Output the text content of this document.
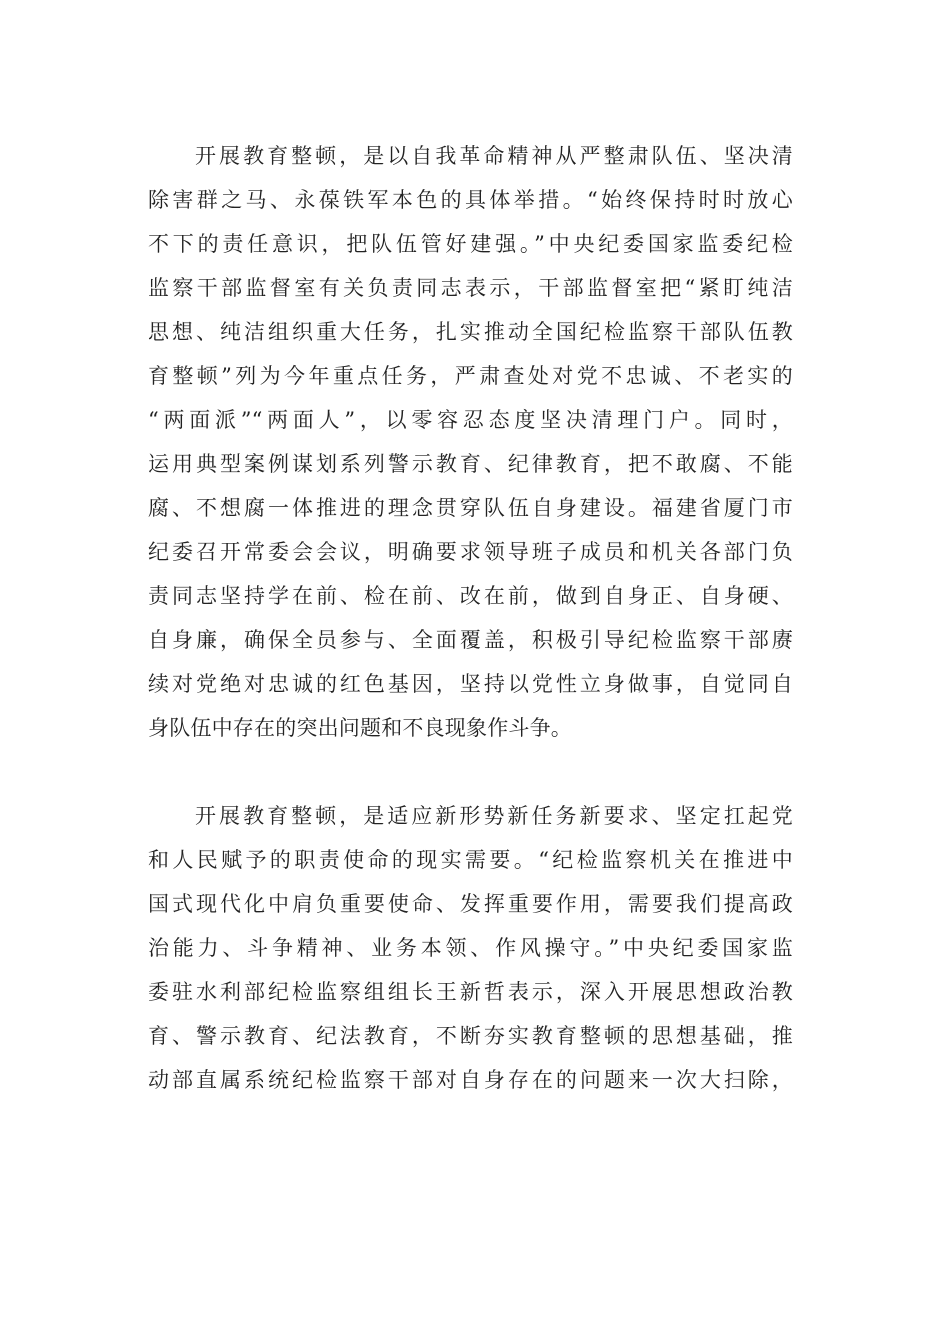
开展教育整顿，是以自我革命精神从严整肃队伍、坚决清
除害群之马、永葆铁军本色的具体举措。“始终保持时时放心
不下的责任意识，把队伍管好建强。”中央纪委国家监委纪检
监察干部监督室有关负责同志表示，干部监督室把“紧盯纯洁
思想、纯洁组织重大任务，扎实推动全国纪检监察干部队伍教
育整顿”列为今年重点任务，严肃查处对党不忠诚、不老实的
“两面派”“两面人”，以零容忍态度坚决清理门户。同时，
运用典型案例谋划系列警示教育、纪律教育，把不敢腐、不能
腐、不想腐一体推进的理念贯穿队伍自身建设。福建省厦门市
纪委召开常委会会议，明确要求领导班子成员和机关各部门负
责同志坚持学在前、检在前、改在前，做到自身正、自身硬、
自身廉，确保全员参与、全面覆盖，积极引导纪检监察干部赓
续对党绝对忠诚的红色基因，坚持以党性立身做事，自觉同自
身队伍中存在的突出问题和不良现象作斗争。
开展教育整顿，是适应新形势新任务新要求、坚定扛起党
和人民赋予的职责使命的现实需要。“纪检监察机关在推进中
国式现代化中肩负重要使命、发挥重要作用，需要我们提高政
治能力、斗争精神、业务本领、作风操守。”中央纪委国家监
委驻水利部纪检监察组组长王新哲表示，深入开展思想政治教
育、警示教育、纪法教育，不断夯实教育整顿的思想基础，推
动部直属系统纪检监察干部对自身存在的问题来一次大扫除，
